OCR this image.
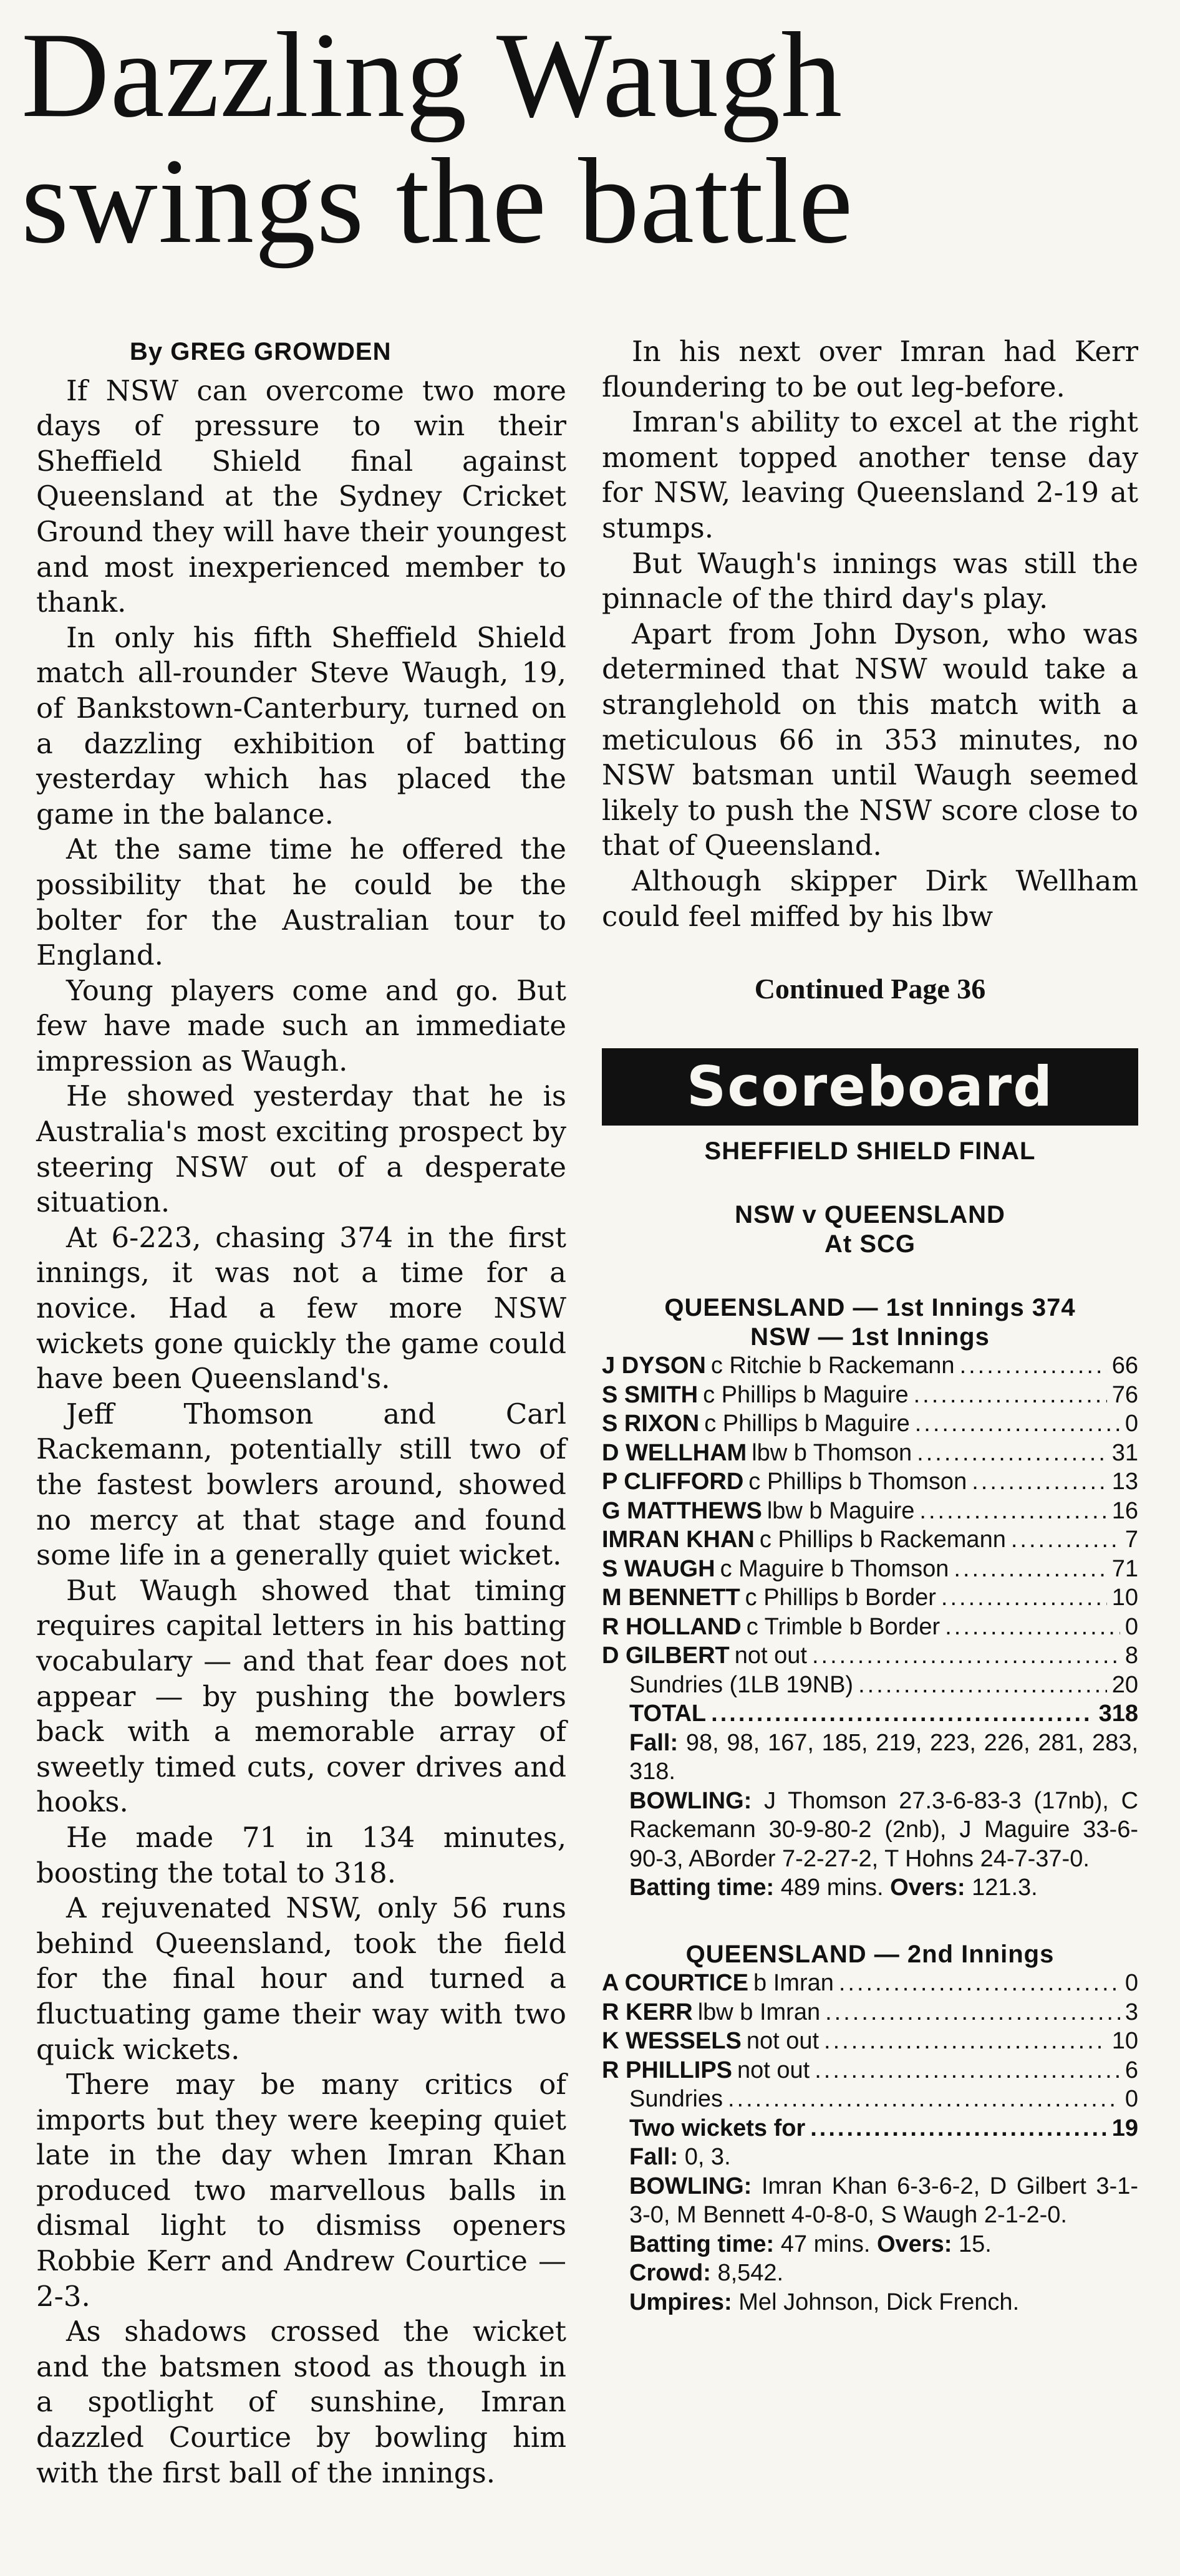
Dazzling Waugh
swings the battle
By GREG GROWDEN

If NSW can overcome two more days of pressure to win their Sheffield Shield final against Queensland at the Sydney Cricket Ground they will have their youngest and most inexperienced member to thank.

In only his fifth Sheffield Shield match all-rounder Steve Waugh, 19, of Bankstown-Canterbury, turned on a dazzling exhibition of batting yesterday which has placed the game in the balance.

At the same time he offered the possibility that he could be the bolter for the Australian tour to England.

Young players come and go. But few have made such an immediate impression as Waugh.

He showed yesterday that he is Australia's most exciting prospect by steering NSW out of a desperate situation.

At 6-223, chasing 374 in the first innings, it was not a time for a novice. Had a few more NSW wickets gone quickly the game could have been Queensland's.

Jeff Thomson and Carl Rackemann, potentially still two of the fastest bowlers around, showed no mercy at that stage and found some life in a generally quiet wicket.

But Waugh showed that timing requires capital letters in his batting vocabulary — and that fear does not appear — by pushing the bowlers back with a memorable array of sweetly timed cuts, cover drives and hooks.

He made 71 in 134 minutes, boosting the total to 318.

A rejuvenated NSW, only 56 runs behind Queensland, took the field for the final hour and turned a fluctuating game their way with two quick wickets.

There may be many critics of imports but they were keeping quiet late in the day when Imran Khan produced two marvellous balls in dismal light to dismiss openers Robbie Kerr and Andrew Courtice — 2-3.

As shadows crossed the wicket and the batsmen stood as though in a spotlight of sunshine, Imran dazzled Courtice by bowling him with the first ball of the innings.

In his next over Imran had Kerr floundering to be out leg-before.

Imran's ability to excel at the right moment topped another tense day for NSW, leaving Queensland 2-19 at stumps.

But Waugh's innings was still the pinnacle of the third day's play.

Apart from John Dyson, who was determined that NSW would take a stranglehold on this match with a meticulous 66 in 353 minutes, no NSW batsman until Waugh seemed likely to push the NSW score close to that of Queensland.

Although skipper Dirk Wellham could feel miffed by his lbw

Continued Page 36
Scoreboard
SHEFFIELD SHIELD FINAL
NSW v QUEENSLAND
At SCG
QUEENSLAND — 1st Innings 374
NSW — 1st Innings
J DYSON c Ritchie b Rackemann .....	66
S SMITH c Phillips b Maguire .....	76
S RIXON c Phillips b Maguire .....	0
D WELLHAM lbw b Thomson .....	31
P CLIFFORD c Phillips b Thomson .....	13
G MATTHEWS lbw b Maguire .....	16
IMRAN KHAN c Phillips b Rackemann .....	7
S WAUGH c Maguire b Thomson .....	71
M BENNETT c Phillips b Border .....	10
R HOLLAND c Trimble b Border .....	0
D GILBERT not out .....	8
Sundries (1LB 19NB) .....	20
TOTAL .....	318
Fall: 98, 98, 167, 185, 219, 223, 226, 281, 283, 318.
BOWLING: J Thomson 27.3-6-83-3 (17nb), C Rackemann 30-9-80-2 (2nb), J Maguire 33-6-90-3, ABorder 7-2-27-2, T Hohns 24-7-37-0.
Batting time: 489 mins. Overs: 121.3.
QUEENSLAND — 2nd Innings
A COURTICE b Imran .....	0
R KERR lbw b Imran .....	3
K WESSELS not out .....	10
R PHILLIPS not out .....	6
Sundries .....	0
Two wickets for .....	19
Fall: 0, 3.
BOWLING: Imran Khan 6-3-6-2, D Gilbert 3-1-3-0, M Bennett 4-0-8-0, S Waugh 2-1-2-0.
Batting time: 47 mins. Overs: 15.
Crowd: 8,542.
Umpires: Mel Johnson, Dick French.
